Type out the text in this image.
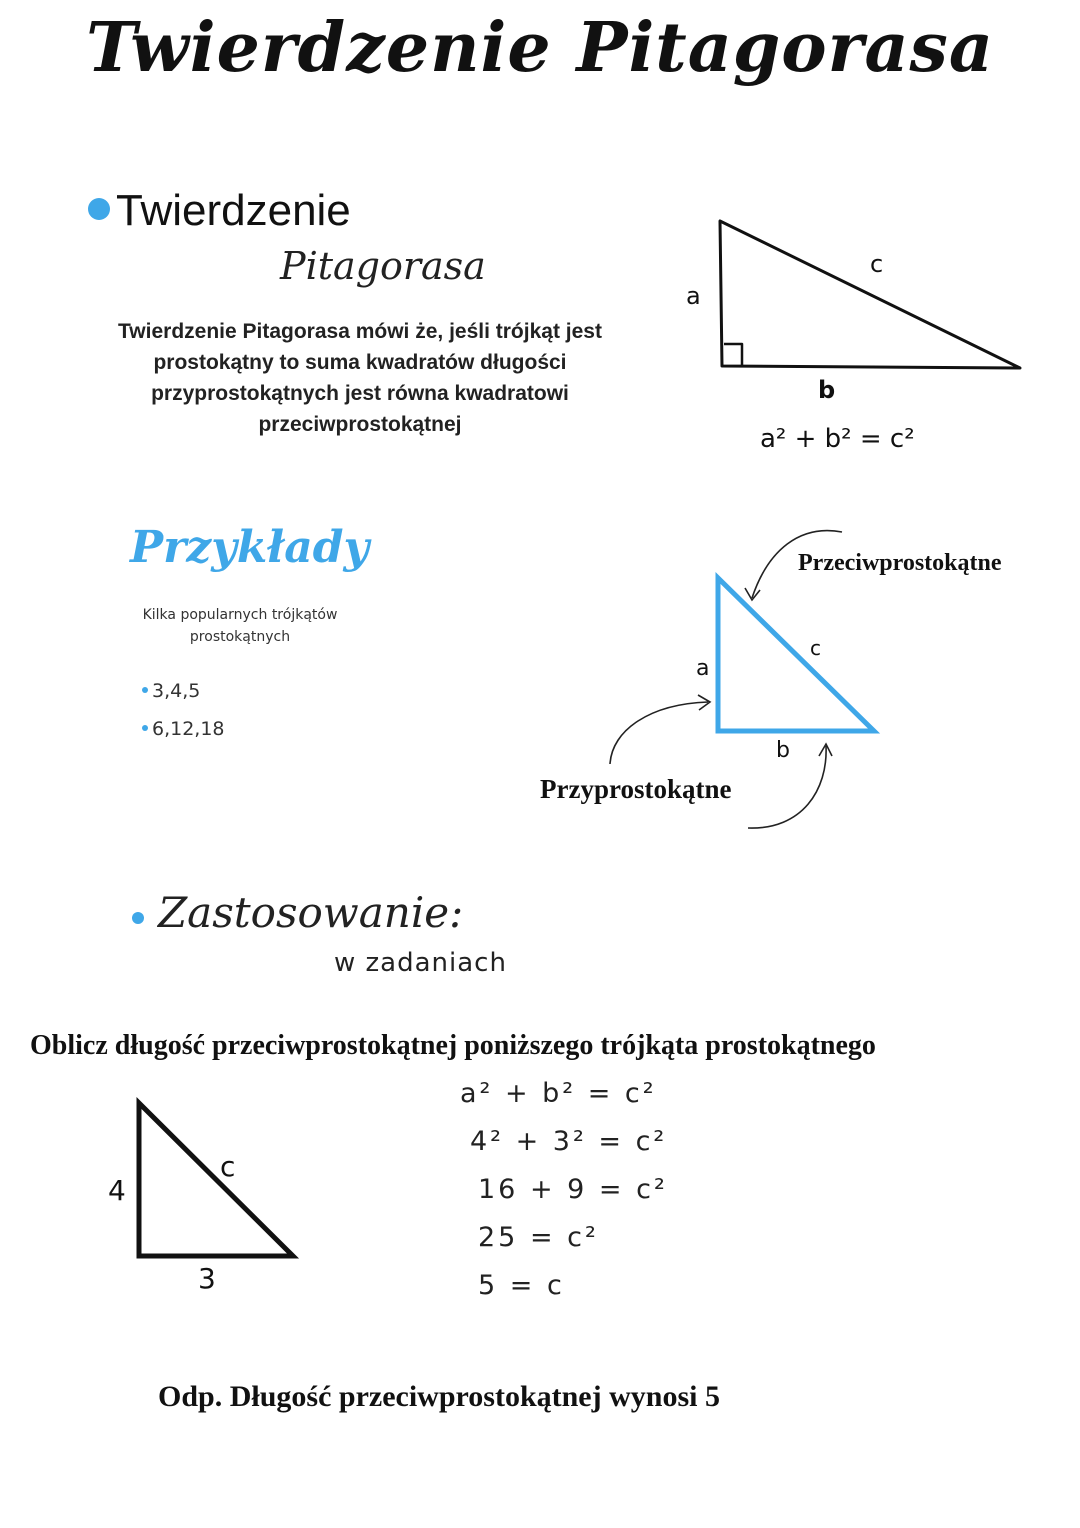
Twierdzenie Pitagorasa
Twierdzenie
Pitagorasa
Twierdzenie Pitagorasa mówi że, jeśli trójkąt jest prostokątny to suma kwadratów długości przyprostokątnych jest równa kwadratowi przeciwprostokątnej
a
c
b
a² + b² = c²
Przykłady
Kilka popularnych trójkątów prostokątnych
3,4,5
6,12,18
Przeciwprostokątne
Przyprostokątne
a
b
c
Zastosowanie:
w zadaniach
Oblicz długość przeciwprostokątnej poniższego trójkąta prostokątnego
4
3
c
a² + b² = c²
4² + 3² = c²
16 + 9 = c²
25 = c²
5 = c
Odp. Długość przeciwprostokątnej wynosi 5
